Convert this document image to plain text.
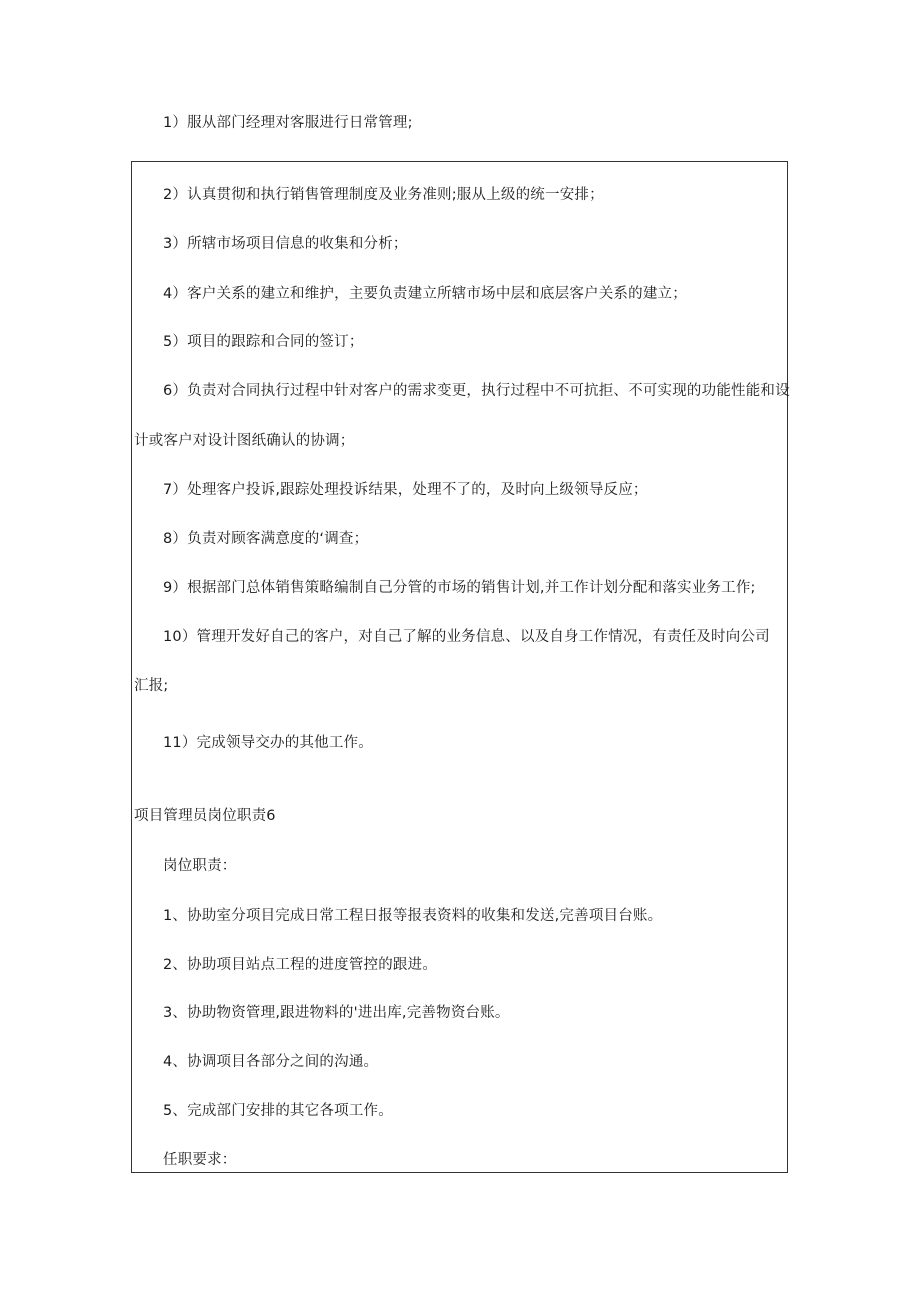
1）服从部门经理对客服进行日常管理;
2）认真贯彻和执行销售管理制度及业务准则;服从上级的统一安排；
3）所辖市场项目信息的收集和分析；
4）客户关系的建立和维护，主要负责建立所辖市场中层和底层客户关系的建立；
5）项目的跟踪和合同的签订；
6）负责对合同执行过程中针对客户的需求变更，执行过程中不可抗拒、不可实现的功能性能和设
计或客户对设计图纸确认的协调；
7）处理客户投诉,跟踪处理投诉结果，处理不了的，及时向上级领导反应；
8）负责对顾客满意度的‘调查；
9）根据部门总体销售策略编制自己分管的市场的销售计划,并工作计划分配和落实业务工作;
10）管理开发好自己的客户，对自己了解的业务信息、以及自身工作情况，有责任及时向公司
汇报;
11）完成领导交办的其他工作。
项目管理员岗位职责6
岗位职责：
1、协助室分项目完成日常工程日报等报表资料的收集和发送,完善项目台账。
2、协助项目站点工程的进度管控的跟进。
3、协助物资管理,跟进物料的'进出库,完善物资台账。
4、协调项目各部分之间的沟通。
5、完成部门安排的其它各项工作。
任职要求：
